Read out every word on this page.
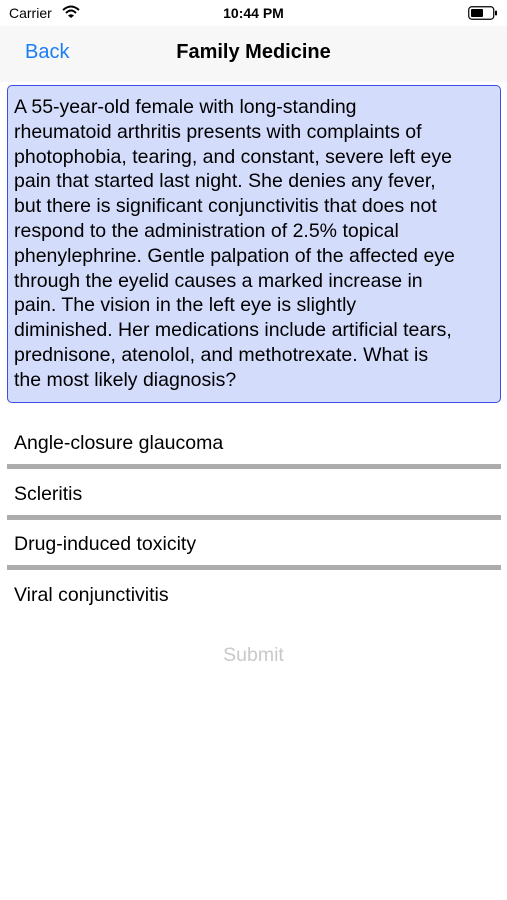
Carrier	10:44 PM
Back	Family Medicine
A 55-year-old female with long-standing
rheumatoid arthritis presents with complaints of
photophobia, tearing, and constant, severe left eye
pain that started last night. She denies any fever,
but there is significant conjunctivitis that does not
respond to the administration of 2.5% topical
phenylephrine. Gentle palpation of the affected eye
through the eyelid causes a marked increase in
pain. The vision in the left eye is slightly
diminished. Her medications include artificial tears,
prednisone, atenolol, and methotrexate. What is
the most likely diagnosis?
Angle-closure glaucoma
Scleritis
Drug-induced toxicity
Viral conjunctivitis
Submit
